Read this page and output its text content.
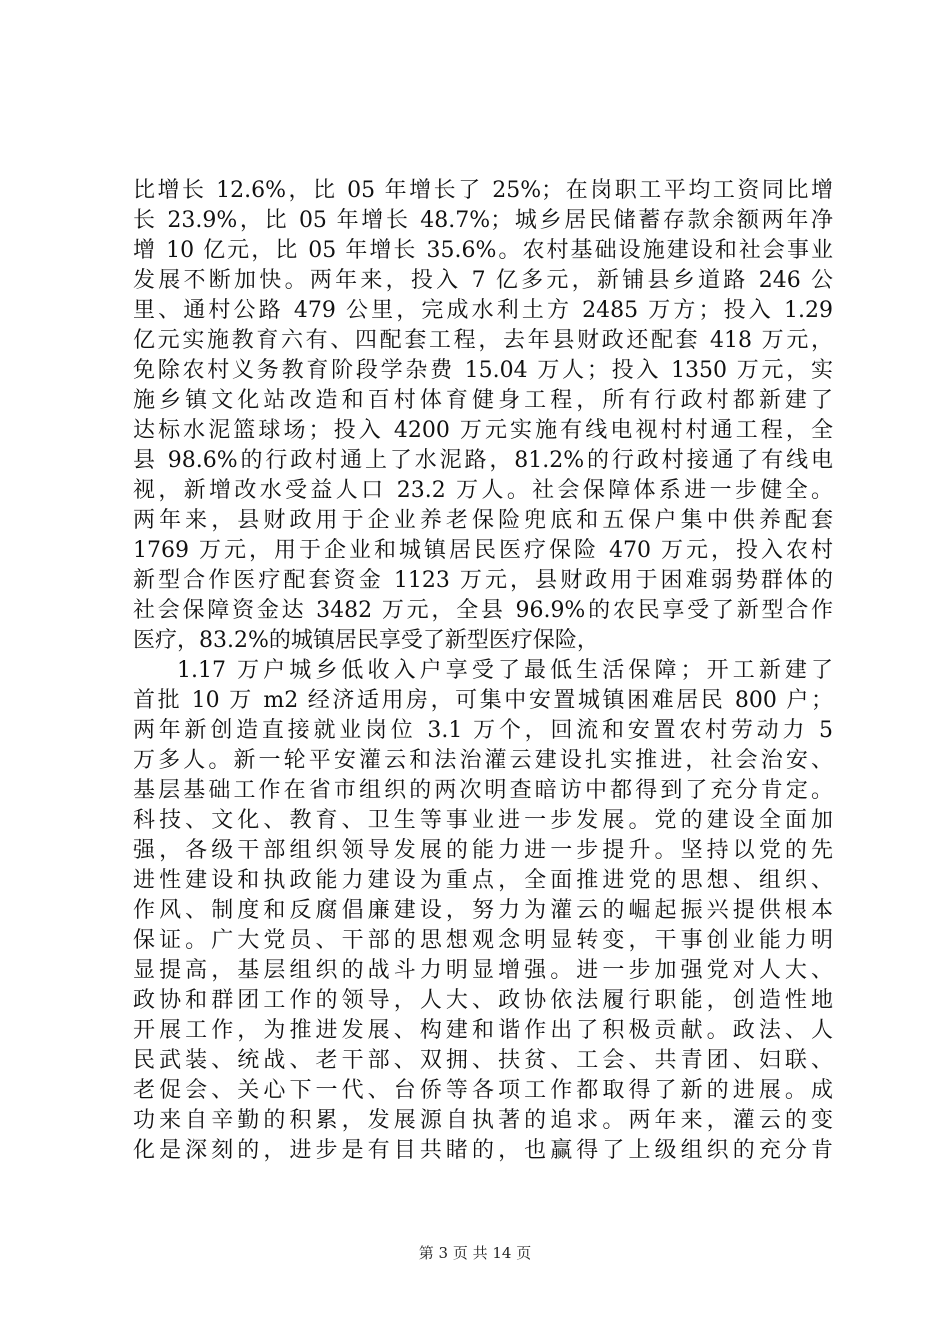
比增长 12.6%，比 05 年增长了 25%；在岗职工平均工资同比增
长 23.9%，比 05 年增长 48.7%；城乡居民储蓄存款余额两年净
增 10 亿元，比 05 年增长 35.6%。农村基础设施建设和社会事业
发展不断加快。两年来，投入 7 亿多元，新铺县乡道路 246 公
里、通村公路 479 公里，完成水利土方 2485 万方；投入 1.29
亿元实施教育六有、四配套工程，去年县财政还配套 418 万元，
免除农村义务教育阶段学杂费 15.04 万人；投入 1350 万元，实
施乡镇文化站改造和百村体育健身工程，所有行政村都新建了
达标水泥篮球场；投入 4200 万元实施有线电视村村通工程，全
县 98.6%的行政村通上了水泥路，81.2%的行政村接通了有线电
视，新增改水受益人口 23.2 万人。社会保障体系进一步健全。
两年来，县财政用于企业养老保险兜底和五保户集中供养配套
1769 万元，用于企业和城镇居民医疗保险 470 万元，投入农村
新型合作医疗配套资金 1123 万元，县财政用于困难弱势群体的
社会保障资金达 3482 万元，全县 96.9%的农民享受了新型合作
医疗，83.2%的城镇居民享受了新型医疗保险，
1.17 万户城乡低收入户享受了最低生活保障；开工新建了
首批 10 万 m2 经济适用房，可集中安置城镇困难居民 800 户；
两年新创造直接就业岗位 3.1 万个，回流和安置农村劳动力 5
万多人。新一轮平安灌云和法治灌云建设扎实推进，社会治安、
基层基础工作在省市组织的两次明查暗访中都得到了充分肯定。
科技、文化、教育、卫生等事业进一步发展。党的建设全面加
强，各级干部组织领导发展的能力进一步提升。坚持以党的先
进性建设和执政能力建设为重点，全面推进党的思想、组织、
作风、制度和反腐倡廉建设，努力为灌云的崛起振兴提供根本
保证。广大党员、干部的思想观念明显转变，干事创业能力明
显提高，基层组织的战斗力明显增强。进一步加强党对人大、
政协和群团工作的领导，人大、政协依法履行职能，创造性地
开展工作，为推进发展、构建和谐作出了积极贡献。政法、人
民武装、统战、老干部、双拥、扶贫、工会、共青团、妇联、
老促会、关心下一代、台侨等各项工作都取得了新的进展。成
功来自辛勤的积累，发展源自执著的追求。两年来，灌云的变
化是深刻的，进步是有目共睹的，也赢得了上级组织的充分肯
第 3 页 共 14 页
